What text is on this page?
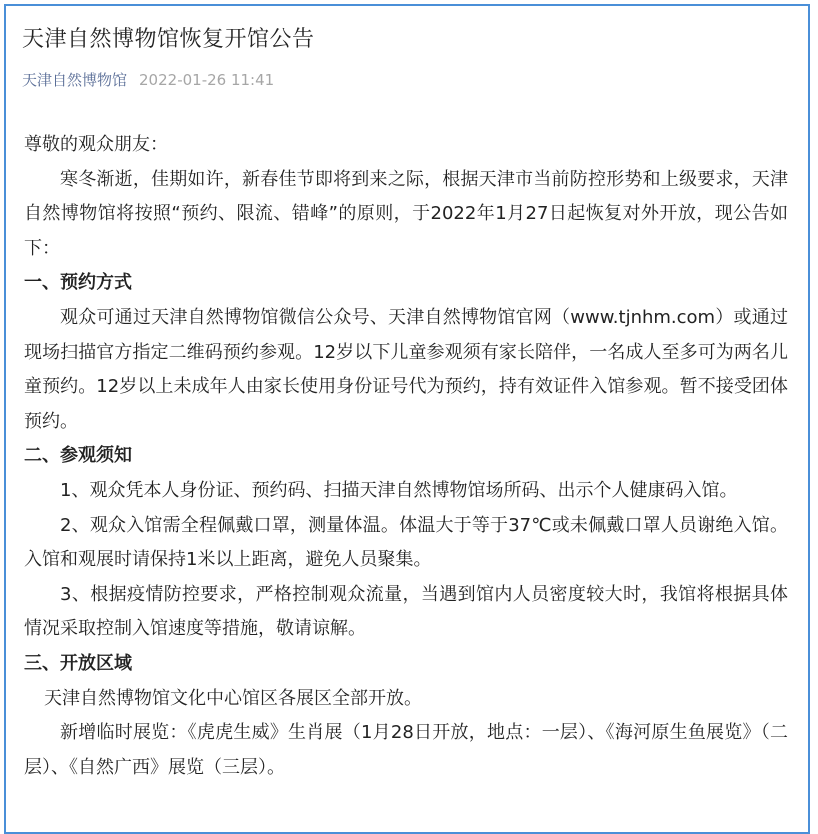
天津自然博物馆恢复开馆公告
天津自然博物馆 2022-01-26 11:41

尊敬的观众朋友：

寒冬渐逝，佳期如许，新春佳节即将到来之际，根据天津市当前防控形势和上级要求，天津自然博物馆将按照“预约、限流、错峰”的原则，于2022年1月27日起恢复对外开放，现公告如下：

一、预约方式

观众可通过天津自然博物馆微信公众号、天津自然博物馆官网（www.tjnhm.com）或通过现场扫描官方指定二维码预约参观。12岁以下儿童参观须有家长陪伴，一名成人至多可为两名儿童预约。12岁以上未成年人由家长使用身份证号代为预约，持有效证件入馆参观。暂不接受团体预约。

二、参观须知

1、观众凭本人身份证、预约码、扫描天津自然博物馆场所码、出示个人健康码入馆。

2、观众入馆需全程佩戴口罩，测量体温。体温大于等于37℃或未佩戴口罩人员谢绝入馆。入馆和观展时请保持1米以上距离，避免人员聚集。

3、根据疫情防控要求，严格控制观众流量，当遇到馆内人员密度较大时，我馆将根据具体情况采取控制入馆速度等措施，敬请谅解。

三、开放区域

天津自然博物馆文化中心馆区各展区全部开放。

新增临时展览：《虎虎生威》生肖展（1月28日开放，地点：一层）、《海河原生鱼展览》（二层）、《自然广西》展览（三层）。
